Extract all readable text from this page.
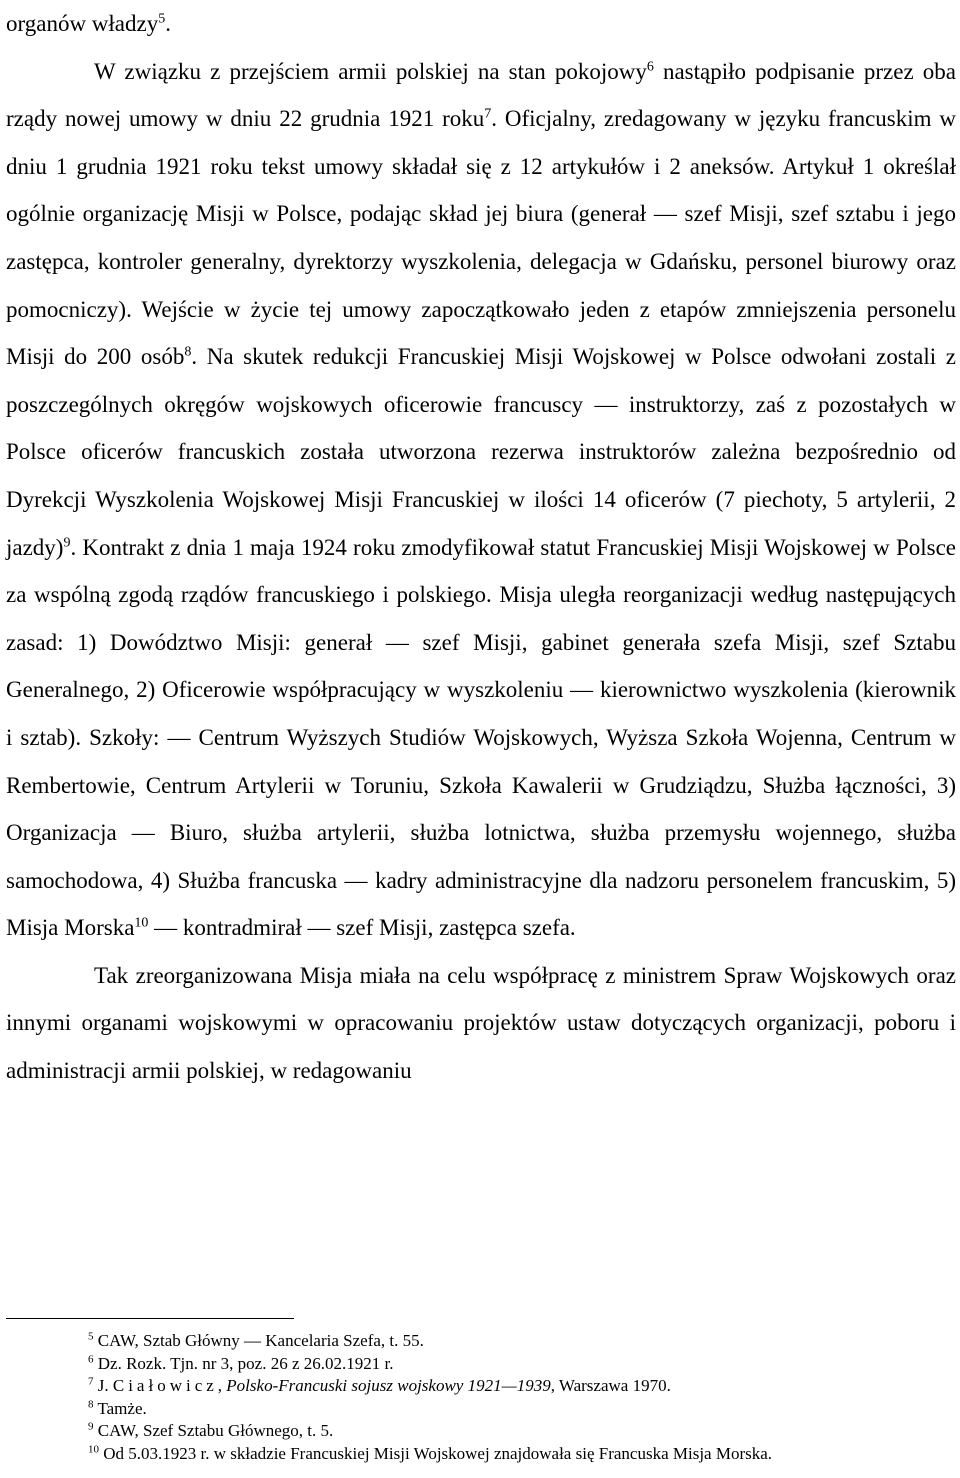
organów władzy$^5$.

W związku z przejściem armii polskiej na stan pokojowy$^6$ nastąpiło podpisanie przez oba rządy nowej umowy w dniu 22 grudnia 1921 roku$^7$. Oficjalny, zredagowany w języku francuskim w dniu 1 grudnia 1921 roku tekst umowy składał się z 12 artykułów i 2 aneksów. Artykuł 1 określał ogólnie organizację Misji w Polsce, podając skład jej biura (generał — szef Misji, szef sztabu i jego zastępca, kontroler generalny, dyrektorzy wyszkolenia, delegacja w Gdańsku, personel biurowy oraz pomocniczy). Wejście w życie tej umowy zapoczątkowało jeden z etapów zmniejszenia personelu Misji do 200 osób$^8$. Na skutek redukcji Francuskiej Misji Wojskowej w Polsce odwołani zostali z poszczególnych okręgów wojskowych oficerowie francuscy — instruktorzy, zaś z pozostałych w Polsce oficerów francuskich została utworzona rezerwa instruktorów zależna bezpośrednio od Dyrekcji Wyszkolenia Wojskowej Misji Francuskiej w ilości 14 oficerów (7 piechoty, 5 artylerii, 2 jazdy)$^9$. Kontrakt z dnia 1 maja 1924 roku zmodyfikował statut Francuskiej Misji Wojskowej w Polsce za wspólną zgodą rządów francuskiego i polskiego. Misja uległa reorganizacji według następujących zasad: 1) Dowództwo Misji: generał — szef Misji, gabinet generała szefa Misji, szef Sztabu Generalnego, 2) Oficerowie współpracujący w wyszkoleniu — kierownictwo wyszkolenia (kierownik i sztab). Szkoły: — Centrum Wyższych Studiów Wojskowych, Wyższa Szkoła Wojenna, Centrum w Rembertowie, Centrum Artylerii w Toruniu, Szkoła Kawalerii w Grudziądzu, Służba łączności, 3) Organizacja — Biuro, służba artylerii, służba lotnictwa, służba przemysłu wojennego, służba samochodowa, 4) Służba francuska — kadry administracyjne dla nadzoru personelem francuskim, 5) Misja Morska$^{10}$ — kontradmirał — szef Misji, zastępca szefa.

Tak zreorganizowana Misja miała na celu współpracę z ministrem Spraw Wojskowych oraz innymi organami wojskowymi w opracowaniu projektów ustaw dotyczących organizacji, poboru i administracji armii polskiej, w redagowaniu

$^5$ CAW, Sztab Główny — Kancelaria Szefa, t. 55.

$^6$ Dz. Rozk. Tjn. nr 3, poz. 26 z 26.02.1921 r.

$^7$ J. Ciałowicz, Polsko-Francuski sojusz wojskowy 1921—1939, Warszawa 1970.

$^8$ Tamże.

$^9$ CAW, Szef Sztabu Głównego, t. 5.

$^{10}$ Od 5.03.1923 r. w składzie Francuskiej Misji Wojskowej znajdowała się Francuska Misja Morska.
